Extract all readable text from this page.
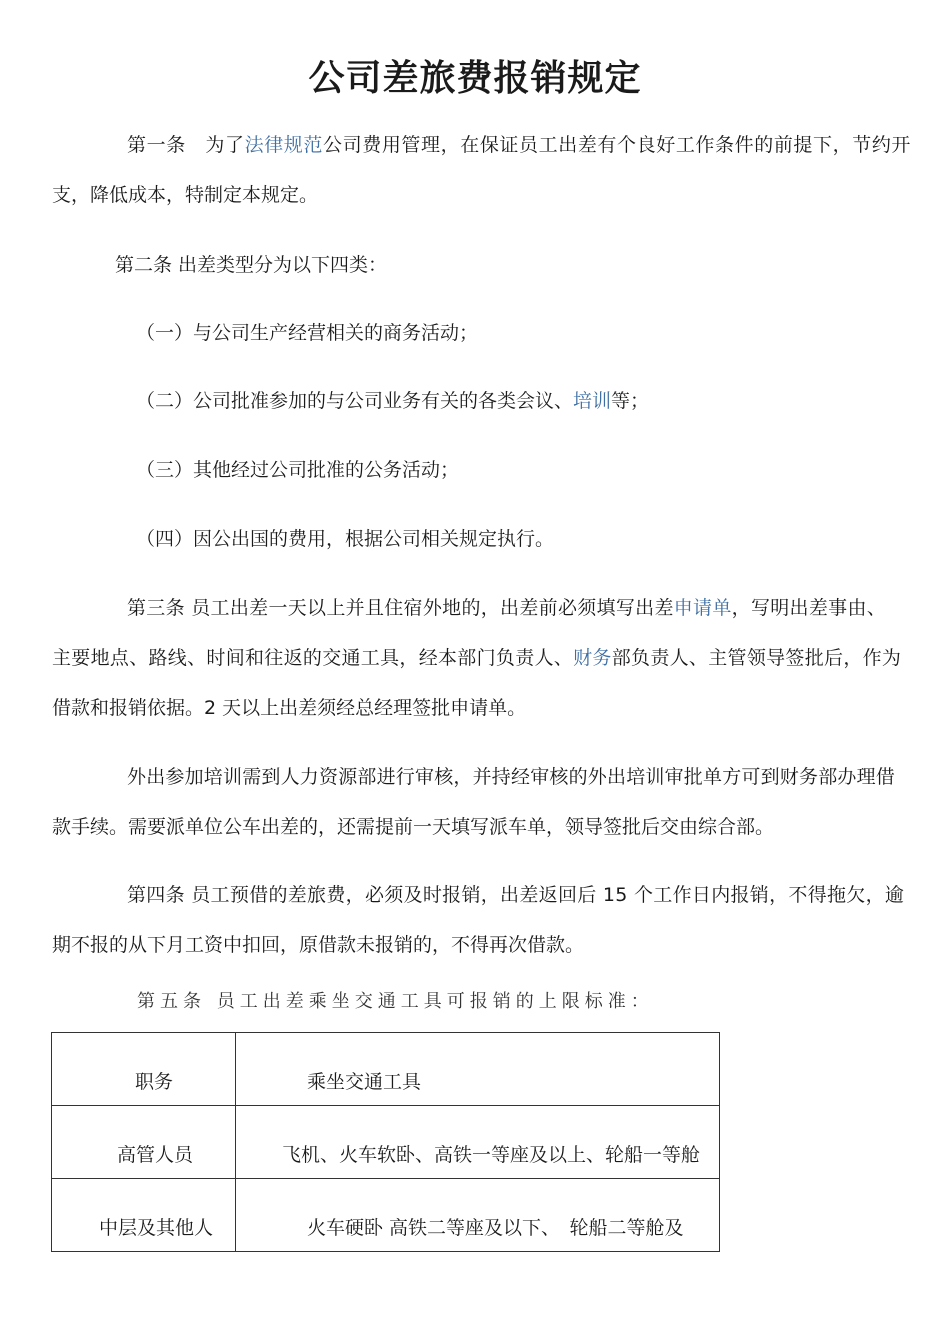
公司差旅费报销规定
第一条　为了法律规范公司费用管理，在保证员工出差有个良好工作条件的前提下，节约开
支，降低成本，特制定本规定。
第二条 出差类型分为以下四类：
（一）与公司生产经营相关的商务活动；
（二）公司批准参加的与公司业务有关的各类会议、培训等；
（三）其他经过公司批准的公务活动；
（四）因公出国的费用，根据公司相关规定执行。
第三条 员工出差一天以上并且住宿外地的，出差前必须填写出差申请单，写明出差事由、
主要地点、路线、时间和往返的交通工具，经本部门负责人、财务部负责人、主管领导签批后，作为
借款和报销依据。2 天以上出差须经总经理签批申请单。
外出参加培训需到人力资源部进行审核，并持经审核的外出培训审批单方可到财务部办理借
款手续。需要派单位公车出差的，还需提前一天填写派车单，领导签批后交由综合部。
第四条 员工预借的差旅费，必须及时报销，出差返回后 15 个工作日内报销，不得拖欠，逾
期不报的从下月工资中扣回，原借款未报销的，不得再次借款。
第五条 员工出差乘坐交通工具可报销的上限标准：
职务	乘坐交通工具

高管人员	飞机、火车软卧、高铁一等座及以上、轮船一等舱

中层及其他人	火车硬卧 高铁二等座及以下、　轮船二等舱及
